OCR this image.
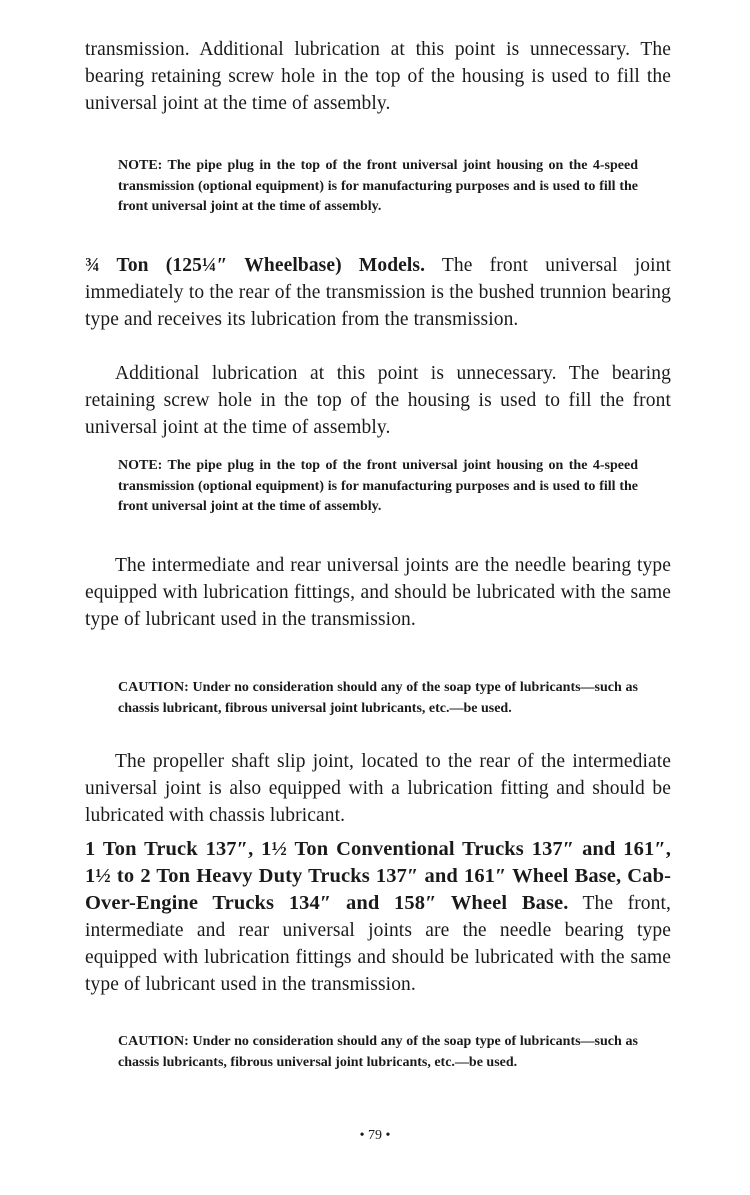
transmission. Additional lubrication at this point is unnecessary. The bearing retaining screw hole in the top of the housing is used to fill the universal joint at the time of assembly.
NOTE: The pipe plug in the top of the front universal joint housing on the 4-speed transmission (optional equipment) is for manufacturing purposes and is used to fill the front universal joint at the time of assembly.
¾ Ton (125¼″ Wheelbase) Models. The front universal joint immediately to the rear of the transmission is the bushed trunnion bearing type and receives its lubrication from the transmission.
Additional lubrication at this point is unnecessary. The bearing retaining screw hole in the top of the housing is used to fill the front universal joint at the time of assembly.
NOTE: The pipe plug in the top of the front universal joint housing on the 4-speed transmission (optional equipment) is for manufacturing purposes and is used to fill the front universal joint at the time of assembly.
The intermediate and rear universal joints are the needle bearing type equipped with lubrication fittings, and should be lubricated with the same type of lubricant used in the transmission.
CAUTION: Under no consideration should any of the soap type of lubricants—such as chassis lubricant, fibrous universal joint lubricants, etc.—be used.
The propeller shaft slip joint, located to the rear of the intermediate universal joint is also equipped with a lubrication fitting and should be lubricated with chassis lubricant.
1 Ton Truck 137″, 1½ Ton Conventional Trucks 137″ and 161″, 1½ to 2 Ton Heavy Duty Trucks 137″ and 161″ Wheel Base, Cab-Over-Engine Trucks 134″ and 158″ Wheel Base. The front, intermediate and rear universal joints are the needle bearing type equipped with lubrication fittings and should be lubricated with the same type of lubricant used in the transmission.
CAUTION: Under no consideration should any of the soap type of lubricants—such as chassis lubricants, fibrous universal joint lubricants, etc.—be used.
• 79 •
